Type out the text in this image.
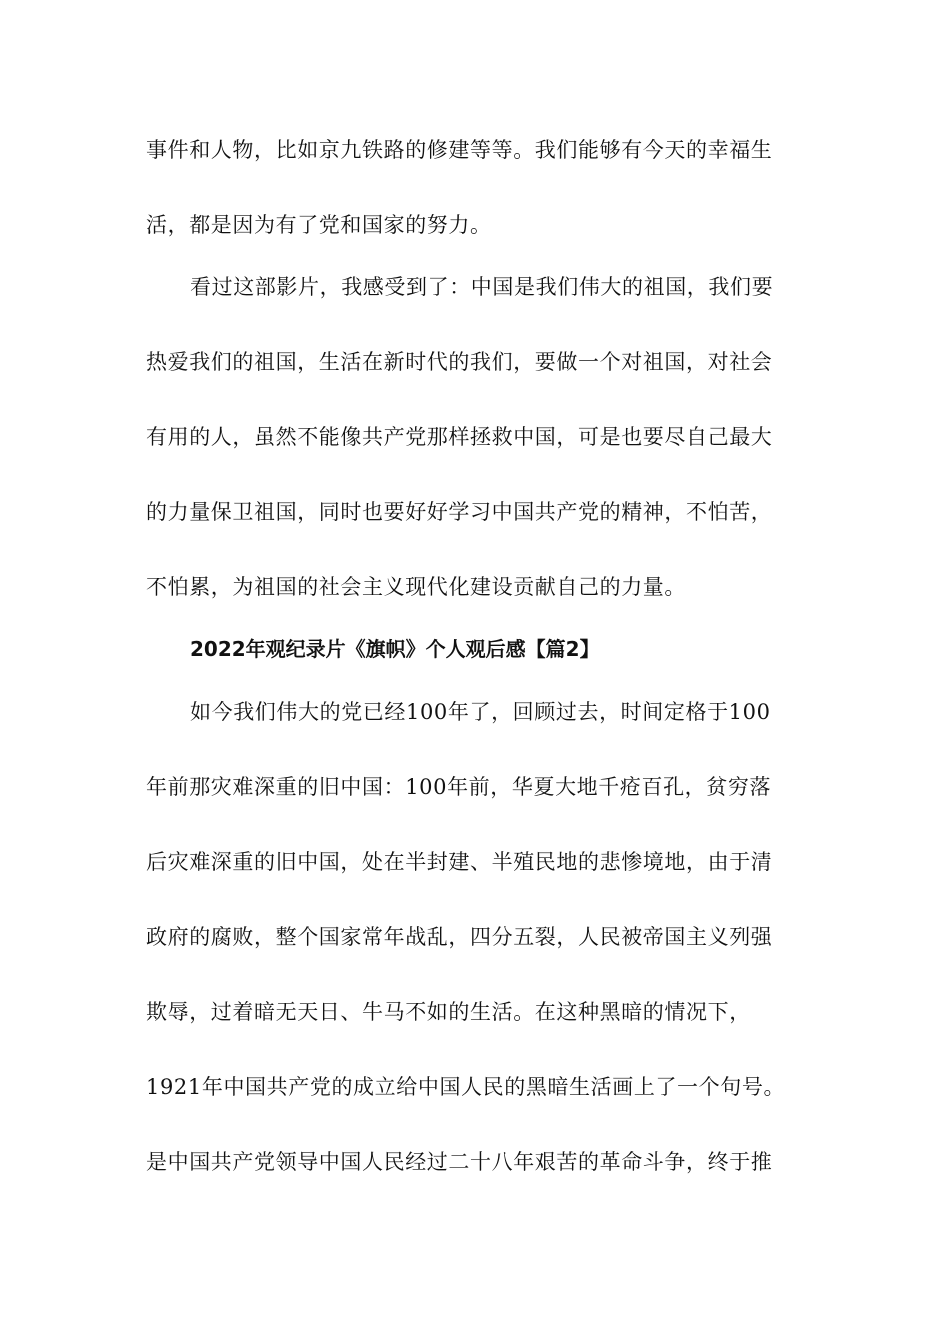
事件和人物，比如京九铁路的修建等等。我们能够有今天的幸福生
活，都是因为有了党和国家的努力。
看过这部影片，我感受到了：中国是我们伟大的祖国，我们要
热爱我们的祖国，生活在新时代的我们，要做一个对祖国，对社会
有用的人，虽然不能像共产党那样拯救中国，可是也要尽自己最大
的力量保卫祖国，同时也要好好学习中国共产党的精神，不怕苦，
不怕累，为祖国的社会主义现代化建设贡献自己的力量。
2022年观纪录片《旗帜》个人观后感【篇2】
如今我们伟大的党已经100年了，回顾过去，时间定格于100
年前那灾难深重的旧中国：100年前，华夏大地千疮百孔，贫穷落
后灾难深重的旧中国，处在半封建、半殖民地的悲惨境地，由于清
政府的腐败，整个国家常年战乱，四分五裂，人民被帝国主义列强
欺辱，过着暗无天日、牛马不如的生活。在这种黑暗的情况下，
1921年中国共产党的成立给中国人民的黑暗生活画上了一个句号。
是中国共产党领导中国人民经过二十八年艰苦的革命斗争，终于推
